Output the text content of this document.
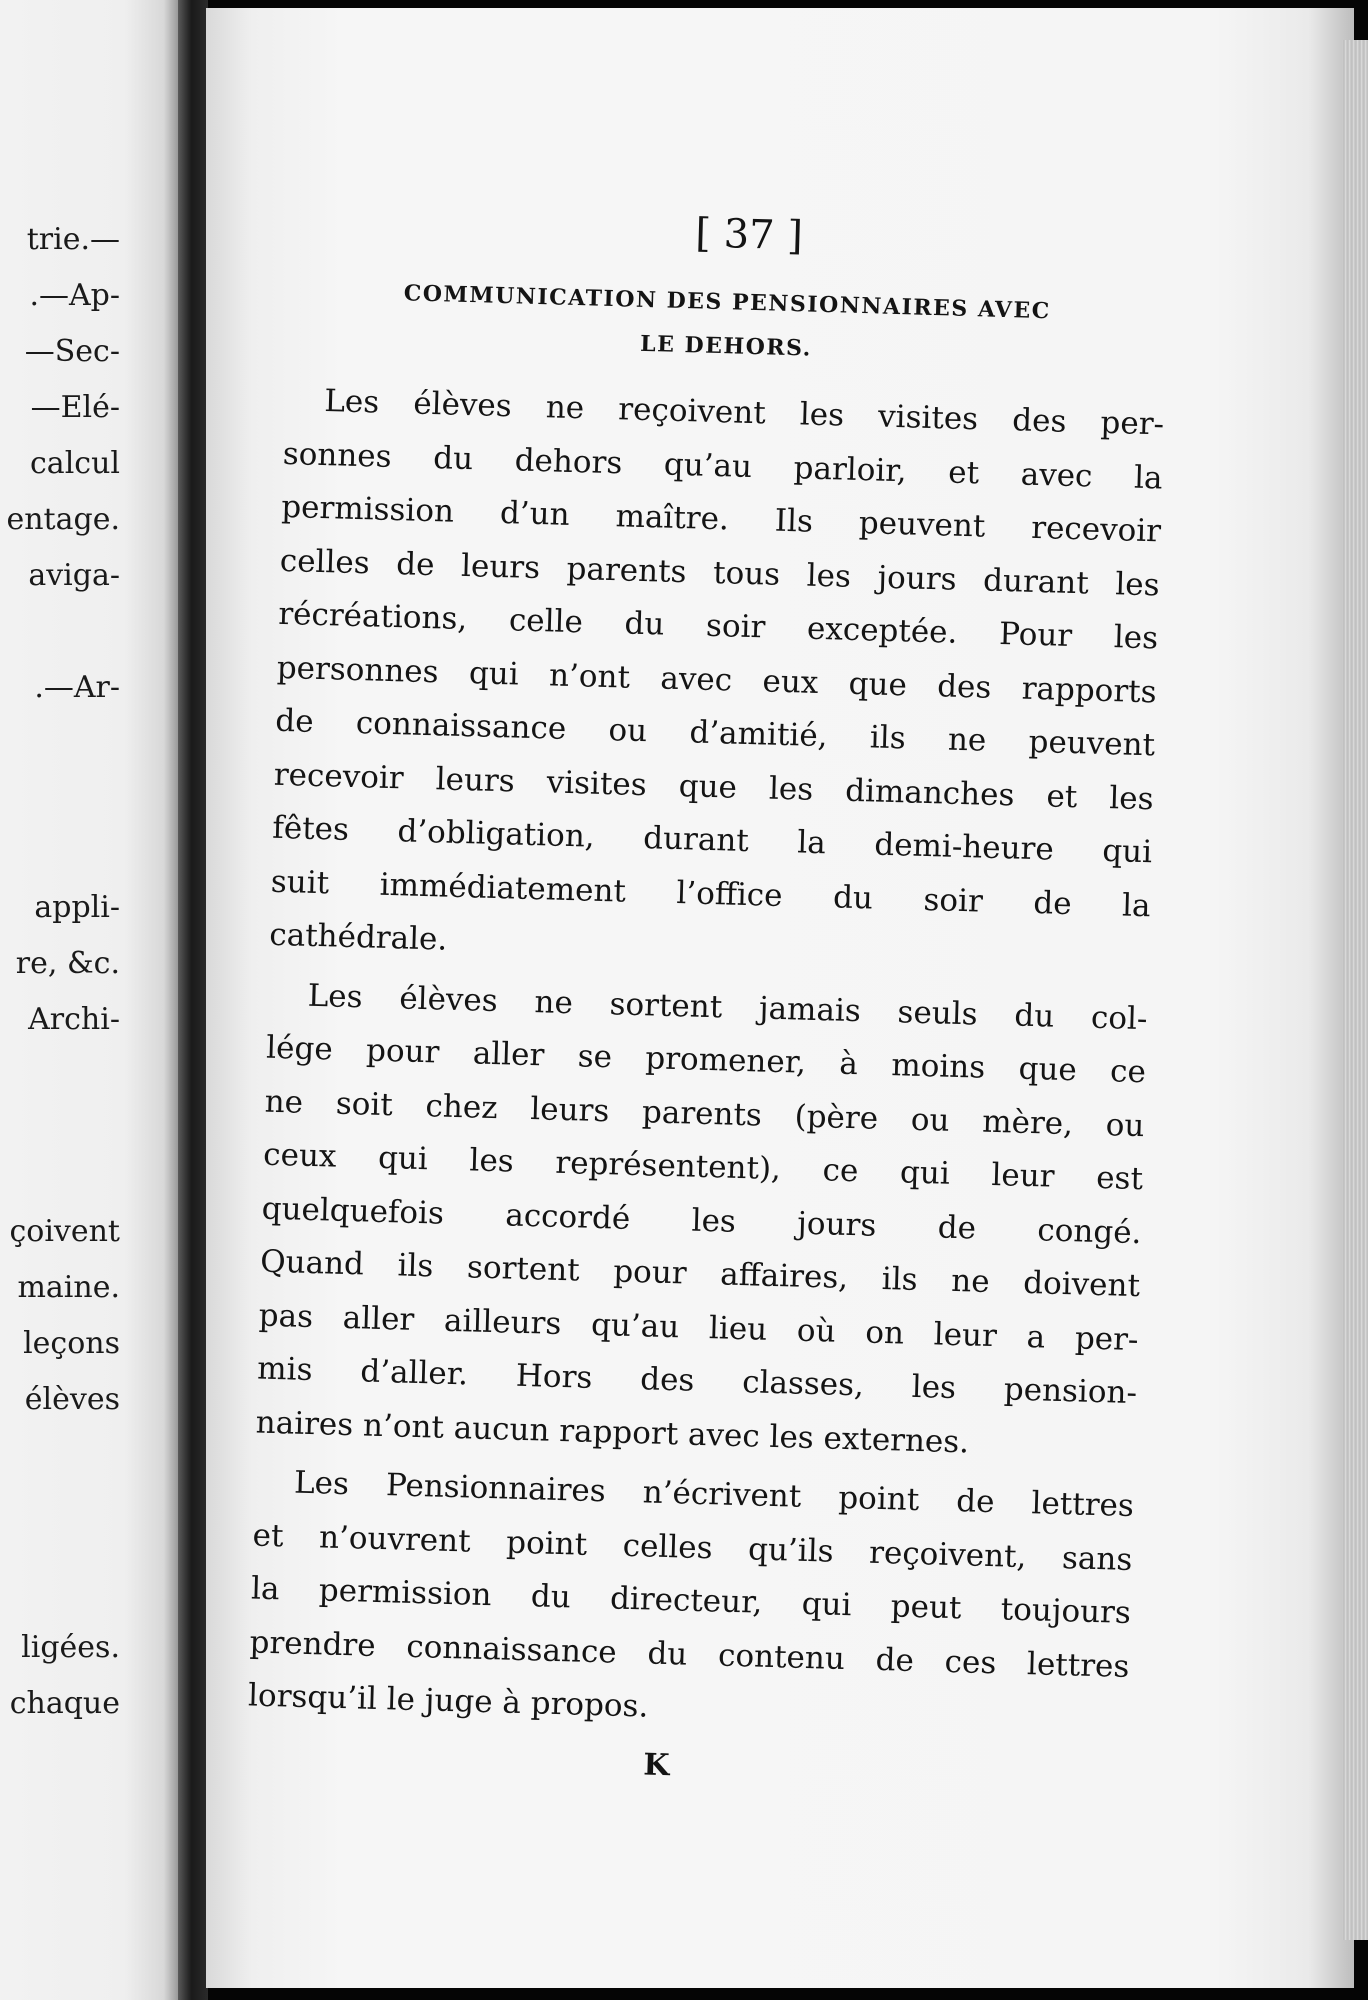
trie.—
.—Ap-
—Sec-
—Elé-
calcul
entage.
aviga-
.—Ar-
appli-
re, &c.
Archi-
çoivent
maine.
leçons
élèves
ligées.
chaque
[ 37 ]
COMMUNICATION DES PENSIONNAIRES AVEC
LE DEHORS.
Les élèves ne reçoivent les visites des per-
sonnes du dehors qu’au parloir, et avec la
permission d’un maître. Ils peuvent recevoir
celles de leurs parents tous les jours durant les
récréations, celle du soir exceptée. Pour les
personnes qui n’ont avec eux que des rapports
de connaissance ou d’amitié, ils ne peuvent
recevoir leurs visites que les dimanches et les
fêtes d’obligation, durant la demi-heure qui
suit immédiatement l’office du soir de la
cathédrale.
Les élèves ne sortent jamais seuls du col-
lége pour aller se promener, à moins que ce
ne soit chez leurs parents (père ou mère, ou
ceux qui les représentent), ce qui leur est
quelquefois accordé les jours de congé.
Quand ils sortent pour affaires, ils ne doivent
pas aller ailleurs qu’au lieu où on leur a per-
mis d’aller. Hors des classes, les pension-
naires n’ont aucun rapport avec les externes.
Les Pensionnaires n’écrivent point de lettres
et n’ouvrent point celles qu’ils reçoivent, sans
la permission du directeur, qui peut toujours
prendre connaissance du contenu de ces lettres
lorsqu’il le juge à propos.
K
